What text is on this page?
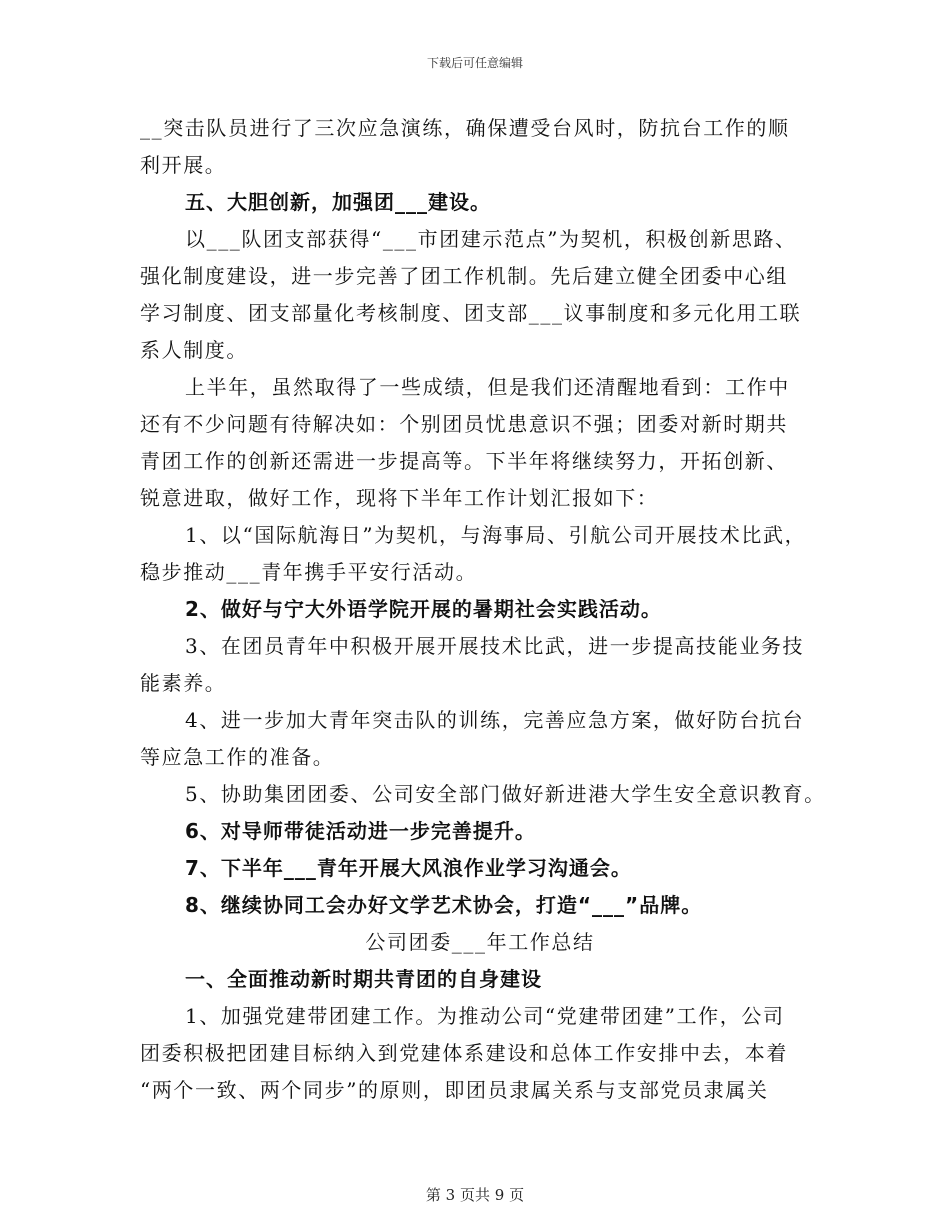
下载后可任意编辑
__突击队员进行了三次应急演练，确保遭受台风时，防抗台工作的顺
利开展。
五、大胆创新，加强团___建设。
以___队团支部获得“___市团建示范点”为契机，积极创新思路、
强化制度建设，进一步完善了团工作机制。先后建立健全团委中心组
学习制度、团支部量化考核制度、团支部___议事制度和多元化用工联
系人制度。
上半年，虽然取得了一些成绩，但是我们还清醒地看到：工作中
还有不少问题有待解决如：个别团员忧患意识不强；团委对新时期共
青团工作的创新还需进一步提高等。下半年将继续努力，开拓创新、
锐意进取，做好工作，现将下半年工作计划汇报如下：
1、以“国际航海日”为契机，与海事局、引航公司开展技术比武，
稳步推动___青年携手平安行活动。
2、做好与宁大外语学院开展的暑期社会实践活动。
3、在团员青年中积极开展开展技术比武，进一步提高技能业务技
能素养。
4、进一步加大青年突击队的训练，完善应急方案，做好防台抗台
等应急工作的准备。
5、协助集团团委、公司安全部门做好新进港大学生安全意识教育。
6、对导师带徒活动进一步完善提升。
7、下半年___青年开展大风浪作业学习沟通会。
8、继续协同工会办好文学艺术协会，打造“___”品牌。
公司团委___年工作总结
一、全面推动新时期共青团的自身建设
1、加强党建带团建工作。为推动公司“党建带团建”工作，公司
团委积极把团建目标纳入到党建体系建设和总体工作安排中去，本着
“两个一致、两个同步”的原则，即团员隶属关系与支部党员隶属关
第 3 页共 9 页
